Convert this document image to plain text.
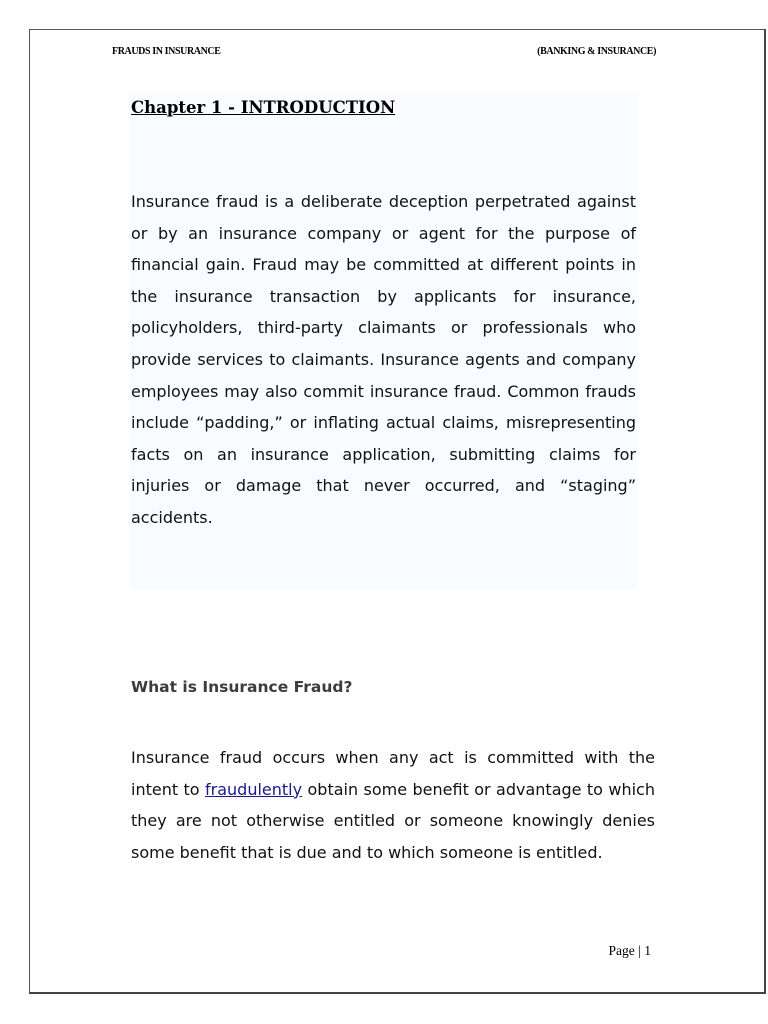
FRAUDS IN INSURANCE	(BANKING & INSURANCE)
Chapter 1 - INTRODUCTION

Insurance fraud is a deliberate deception perpetrated against or by an insurance company or agent for the purpose of financial gain. Fraud may be committed at different points in the insurance transaction by applicants for insurance, policyholders, third-party claimants or professionals who provide services to claimants. Insurance agents and company employees may also commit insurance fraud. Common frauds include “padding,” or inflating actual claims, misrepresenting facts on an insurance application, submitting claims for injuries or damage that never occurred, and “staging” accidents.

What is Insurance Fraud?

Insurance fraud occurs when any act is committed with the intent to fraudulently obtain some benefit or advantage to which they are not otherwise entitled or someone knowingly denies some benefit that is due and to which someone is entitled.

Page | 1
